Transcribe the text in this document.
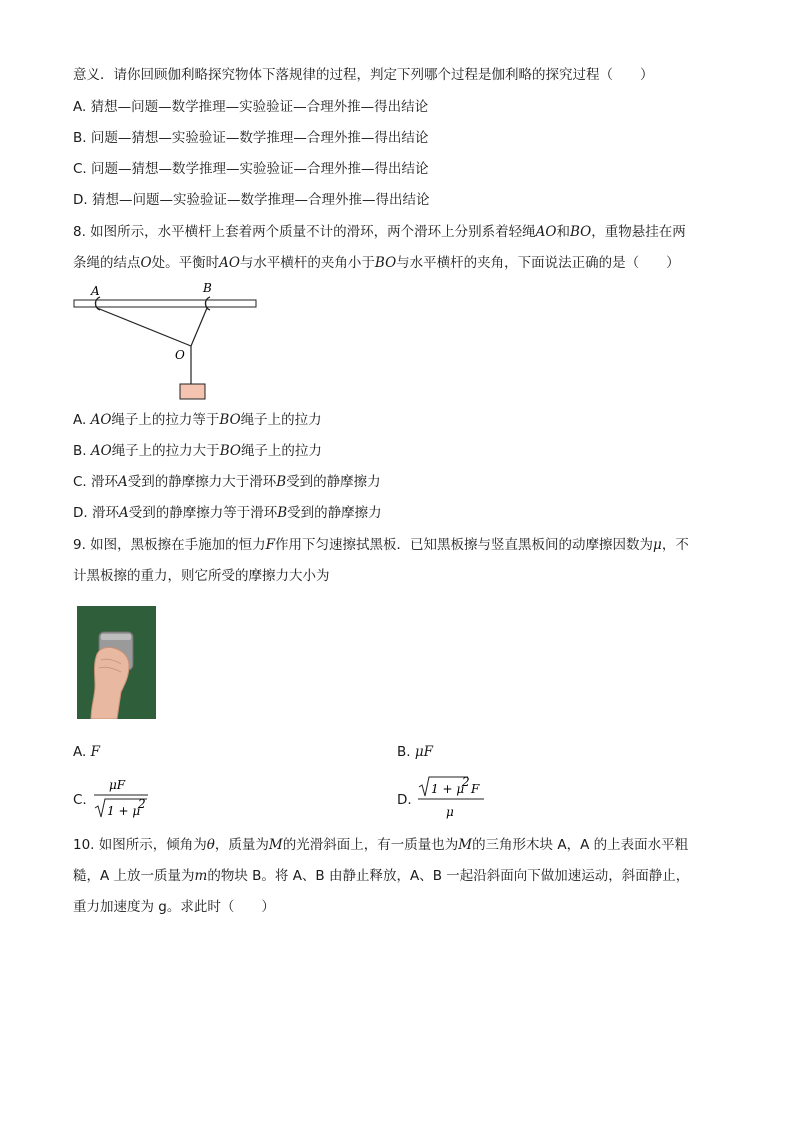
意义．请你回顾伽利略探究物体下落规律的过程，判定下列哪个过程是伽利略的探究过程（　　）
A. 猜想—问题—数学推理—实验验证—合理外推—得出结论
B. 问题—猜想—实验验证—数学推理—合理外推—得出结论
C. 问题—猜想—数学推理—实验验证—合理外推—得出结论
D. 猜想—问题—实验验证—数学推理—合理外推—得出结论
8. 如图所示，水平横杆上套着两个质量不计的滑环，两个滑环上分别系着轻绳AO和BO，重物悬挂在两
条绳的结点O处。平衡时AO与水平横杆的夹角小于BO与水平横杆的夹角，下面说法正确的是（　　）
A	B
O
A. AO绳子上的拉力等于BO绳子上的拉力
B. AO绳子上的拉力大于BO绳子上的拉力
C. 滑环A受到的静摩擦力大于滑环B受到的静摩擦力
D. 滑环A受到的静摩擦力等于滑环B受到的静摩擦力
9. 如图，黑板擦在手施加的恒力F作用下匀速擦拭黑板．已知黑板擦与竖直黑板间的动摩擦因数为μ，不
计黑板擦的重力，则它所受的摩擦力大小为
A. F	B. μF
C.
μF
1 + μ
2	D.
1 + μ
2 F
μ
10. 如图所示，倾角为θ，质量为M的光滑斜面上，有一质量也为M的三角形木块 A，A 的上表面水平粗
糙，A 上放一质量为m的物块 B。将 A、B 由静止释放，A、B 一起沿斜面向下做加速运动，斜面静止，
重力加速度为 g。求此时（　　）
